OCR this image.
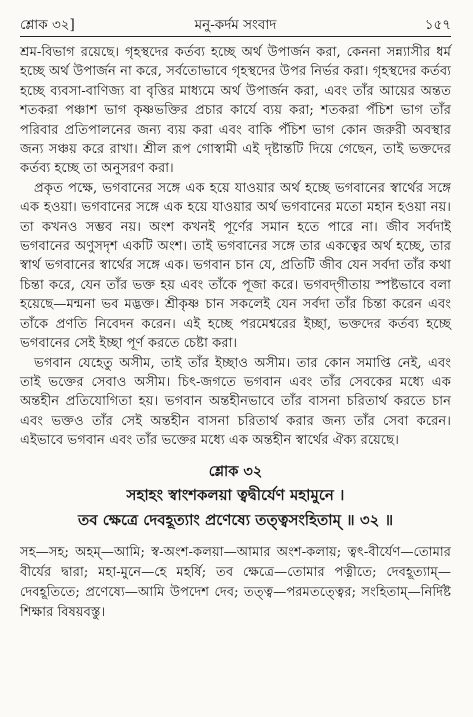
শ্লোক ৩২]	মনু-কর্দম সংবাদ	১৫৭

শ্রম-বিভাগ রয়েছে। গৃহস্থদের কর্তব্য হচ্ছে অর্থ উপার্জন করা, কেননা সন্ন্যাসীর ধর্ম হচ্ছে অর্থ উপার্জন না করে, সর্বতোভাবে গৃহস্থদের উপর নির্ভর করা। গৃহস্থদের কর্তব্য হচ্ছে ব্যবসা-বাণিজ্য বা বৃত্তির মাধ্যমে অর্থ উপার্জন করা, এবং তাঁর আয়ের অন্তত শতকরা পঞ্চাশ ভাগ কৃষ্ণভক্তির প্রচার কার্যে ব্যয় করা; শতকরা পঁচিশ ভাগ তাঁর পরিবার প্রতিপালনের জন্য ব্যয় করা এবং বাকি পঁচিশ ভাগ কোন জরুরী অবস্থার জন্য সঞ্চয় করে রাখা। শ্রীল রূপ গোস্বামী এই দৃষ্টান্তটি দিয়ে গেছেন, তাই ভক্তদের কর্তব্য হচ্ছে তা অনুসরণ করা।

প্রকৃত পক্ষে, ভগবানের সঙ্গে এক হয়ে যাওয়ার অর্থ হচ্ছে ভগবানের স্বার্থের সঙ্গে এক হওয়া। ভগবানের সঙ্গে এক হয়ে যাওয়ার অর্থ ভগবানের মতো মহান হওয়া নয়। তা কখনও সম্ভব নয়। অংশ কখনই পূর্ণের সমান হতে পারে না। জীব সর্বদাই ভগবানের অণুসদৃশ একটি অংশ। তাই ভগবানের সঙ্গে তার একত্বের অর্থ হচ্ছে, তার স্বার্থ ভগবানের স্বার্থের সঙ্গে এক। ভগবান চান যে, প্রতিটি জীব যেন সর্বদা তাঁর কথা চিন্তা করে, যেন তাঁর ভক্ত হয় এবং তাঁকে পূজা করে। ভগবদ্‌গীতায় স্পষ্টভাবে বলা হয়েছে—মন্মনা ভব মদ্ভক্ত। শ্রীকৃষ্ণ চান সকলেই যেন সর্বদা তাঁর চিন্তা করেন এবং তাঁকে প্রণতি নিবেদন করেন। এই হচ্ছে পরমেশ্বরের ইচ্ছা, ভক্তদের কর্তব্য হচ্ছে ভগবানের সেই ইচ্ছা পূর্ণ করতে চেষ্টা করা।

ভগবান যেহেতু অসীম, তাই তাঁর ইচ্ছাও অসীম। তার কোন সমাপ্তি নেই, এবং তাই ভক্তের সেবাও অসীম। চিৎ-জগতে ভগবান এবং তাঁর সেবকের মধ্যে এক অন্তহীন প্রতিযোগিতা হয়। ভগবান অন্তহীনভাবে তাঁর বাসনা চরিতার্থ করতে চান এবং ভক্তও তাঁর সেই অন্তহীন বাসনা চরিতার্থ করার জন্য তাঁর সেবা করেন। এইভাবে ভগবান এবং তাঁর ভক্তের মধ্যে এক অন্তহীন স্বার্থের ঐক্য রয়েছে।

শ্লোক ৩২
সহাহং স্বাংশকলয়া ত্বদ্বীর্যেণ মহামুনে ।
তব ক্ষেত্রে দেবহূত্যাং প্রণেষ্যে তত্ত্বসংহিতাম্ ॥ ৩২ ॥
সহ—সহ; অহম্—আমি; স্ব-অংশ-কলয়া—আমার অংশ-কলায়; ত্বৎ-বীর্যেণ—তোমার বীর্যের দ্বারা; মহা-মুনে—হে মহর্ষি; তব ক্ষেত্রে—তোমার পত্নীতে; দেবহূত্যাম্—দেবহূতিতে; প্রণেষ্যে—আমি উপদেশ দেব; তত্ত্ব—পরমতত্ত্বের; সংহিতাম্—নির্দিষ্ট শিক্ষার বিষয়বস্তু।
